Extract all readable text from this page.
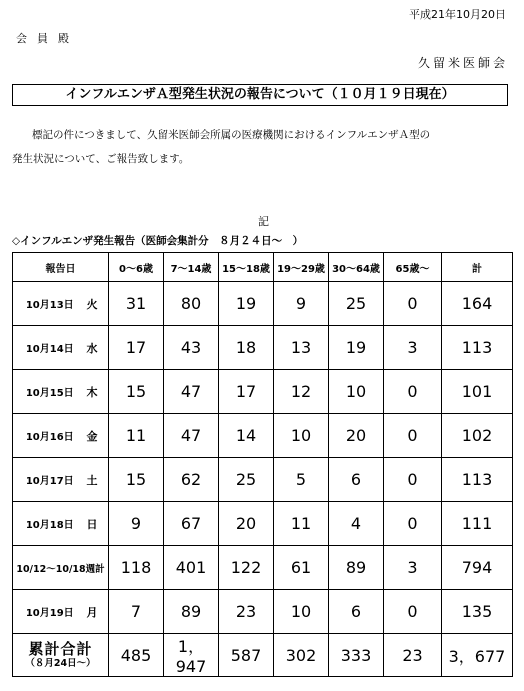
平成21年10月20日
会員殿
久留米医師会
インフルエンザＡ型発生状況の報告について（１０月１９日現在）
標記の件につきまして、久留米医師会所属の医療機関におけるインフルエンザＡ型の
発生状況について、ご報告致します。
記
◇インフルエンザ発生報告（医師会集計分　８月２４日～　）
報告日		0～6歳	7～14歳	15～18歳	19～29歳	30～64歳	65歳～	計
10月13日	火	31	80	19	9	25	0	164
10月14日	水	17	43	18	13	19	3	113
10月15日	木	15	47	17	12	10	0	101
10月16日	金	11	47	14	10	20	0	102
10月17日	土	15	62	25	5	6	0	113
10月18日	日	9	67	20	11	4	0	111
10/12～10/18週計		118	401	122	61	89	3	794
10月19日	月	7	89	23	10	6	0	135

累計合計
（８月24日～）		485	1，947	587	302	333	23	3，677
